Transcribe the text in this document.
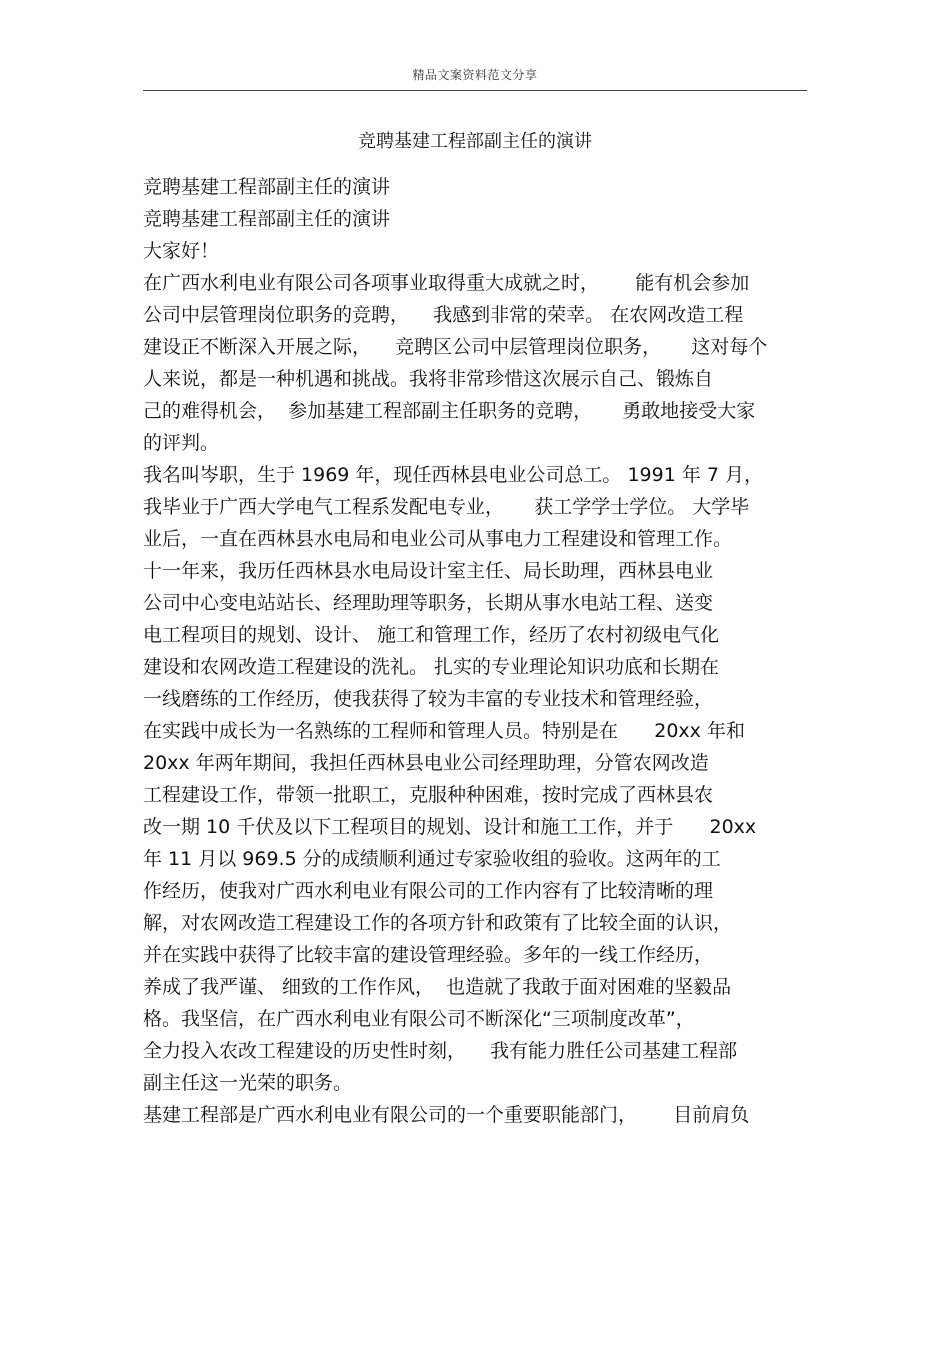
精品文案资料范文分享
竞聘基建工程部副主任的演讲
竞聘基建工程部副主任的演讲
竞聘基建工程部副主任的演讲
大家好！
在广西水利电业有限公司各项事业取得重大成就之时，      能有机会参加
公司中层管理岗位职务的竞聘，    我感到非常的荣幸。 在农网改造工程
建设正不断深入开展之际，    竞聘区公司中层管理岗位职务，     这对每个
人来说，都是一种机遇和挑战。我将非常珍惜这次展示自己、锻炼自
己的难得机会，  参加基建工程部副主任职务的竞聘，     勇敢地接受大家
的评判。
我名叫岑职，生于 1969 年，现任西林县电业公司总工。 1991 年 7 月，
我毕业于广西大学电气工程系发配电专业，     获工学学士学位。 大学毕
业后，一直在西林县水电局和电业公司从事电力工程建设和管理工作。
十一年来，我历任西林县水电局设计室主任、局长助理，西林县电业
公司中心变电站站长、经理助理等职务，长期从事水电站工程、送变
电工程项目的规划、设计、 施工和管理工作，经历了农村初级电气化
建设和农网改造工程建设的洗礼。 扎实的专业理论知识功底和长期在
一线磨练的工作经历，使我获得了较为丰富的专业技术和管理经验，
在实践中成长为一名熟练的工程师和管理人员。特别是在      20xx 年和
20xx 年两年期间，我担任西林县电业公司经理助理，分管农网改造
工程建设工作，带领一批职工，克服种种困难，按时完成了西林县农
改一期 10 千伏及以下工程项目的规划、设计和施工工作，并于      20xx
年 11 月以 969.5 分的成绩顺利通过专家验收组的验收。这两年的工
作经历，使我对广西水利电业有限公司的工作内容有了比较清晰的理
解，对农网改造工程建设工作的各项方针和政策有了比较全面的认识，
并在实践中获得了比较丰富的建设管理经验。多年的一线工作经历，
养成了我严谨、 细致的工作作风，  也造就了我敢于面对困难的坚毅品
格。我坚信，在广西水利电业有限公司不断深化“三项制度改革”，
全力投入农改工程建设的历史性时刻，    我有能力胜任公司基建工程部
副主任这一光荣的职务。
基建工程部是广西水利电业有限公司的一个重要职能部门，      目前肩负
